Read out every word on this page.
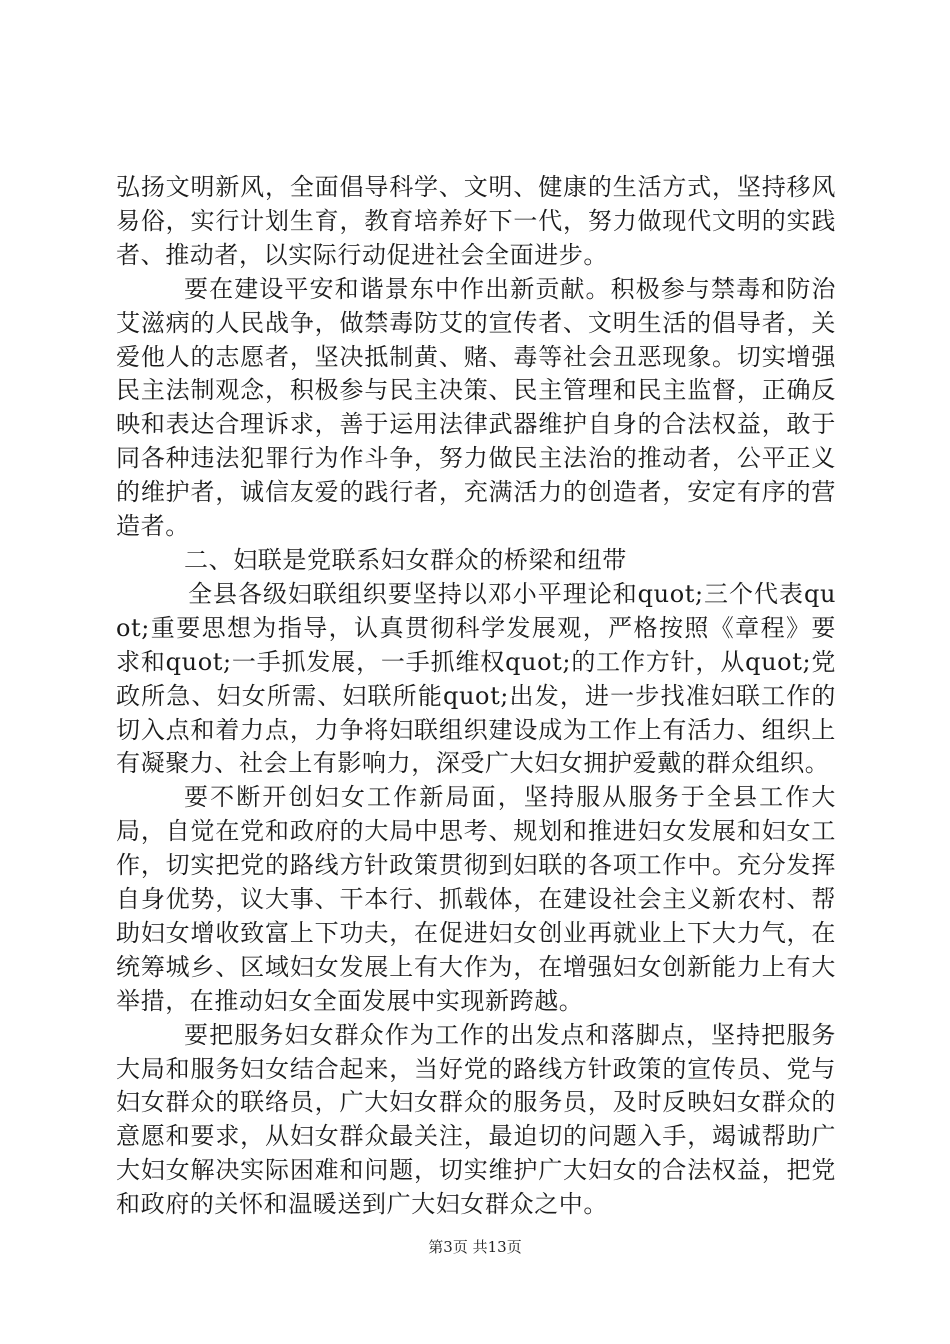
弘扬文明新风，全面倡导科学、文明、健康的生活方式，坚持移风易俗，实行计划生育，教育培养好下一代，努力做现代文明的实践者、推动者，以实际行动促进社会全面进步。

要在建设平安和谐景东中作出新贡献。积极参与禁毒和防治艾滋病的人民战争，做禁毒防艾的宣传者、文明生活的倡导者，关爱他人的志愿者，坚决抵制黄、赌、毒等社会丑恶现象。切实增强民主法制观念，积极参与民主决策、民主管理和民主监督，正确反映和表达合理诉求，善于运用法律武器维护自身的合法权益，敢于同各种违法犯罪行为作斗争，努力做民主法治的推动者，公平正义的维护者，诚信友爱的践行者，充满活力的创造者，安定有序的营造者。

二、妇联是党联系妇女群众的桥梁和纽带

全县各级妇联组织要坚持以邓小平理论和quot;三个代表quot;重要思想为指导，认真贯彻科学发展观，严格按照《章程》要求和quot;一手抓发展，一手抓维权quot;的工作方针，从quot;党政所急、妇女所需、妇联所能quot;出发，进一步找准妇联工作的切入点和着力点，力争将妇联组织建设成为工作上有活力、组织上有凝聚力、社会上有影响力，深受广大妇女拥护爱戴的群众组织。

要不断开创妇女工作新局面，坚持服从服务于全县工作大局，自觉在党和政府的大局中思考、规划和推进妇女发展和妇女工作，切实把党的路线方针政策贯彻到妇联的各项工作中。充分发挥自身优势，议大事、干本行、抓载体，在建设社会主义新农村、帮助妇女增收致富上下功夫，在促进妇女创业再就业上下大力气，在统筹城乡、区域妇女发展上有大作为，在增强妇女创新能力上有大举措，在推动妇女全面发展中实现新跨越。

要把服务妇女群众作为工作的出发点和落脚点，坚持把服务大局和服务妇女结合起来，当好党的路线方针政策的宣传员、党与妇女群众的联络员，广大妇女群众的服务员，及时反映妇女群众的意愿和要求，从妇女群众最关注，最迫切的问题入手，竭诚帮助广大妇女解决实际困难和问题，切实维护广大妇女的合法权益，把党和政府的关怀和温暖送到广大妇女群众之中。

第3页 共13页
